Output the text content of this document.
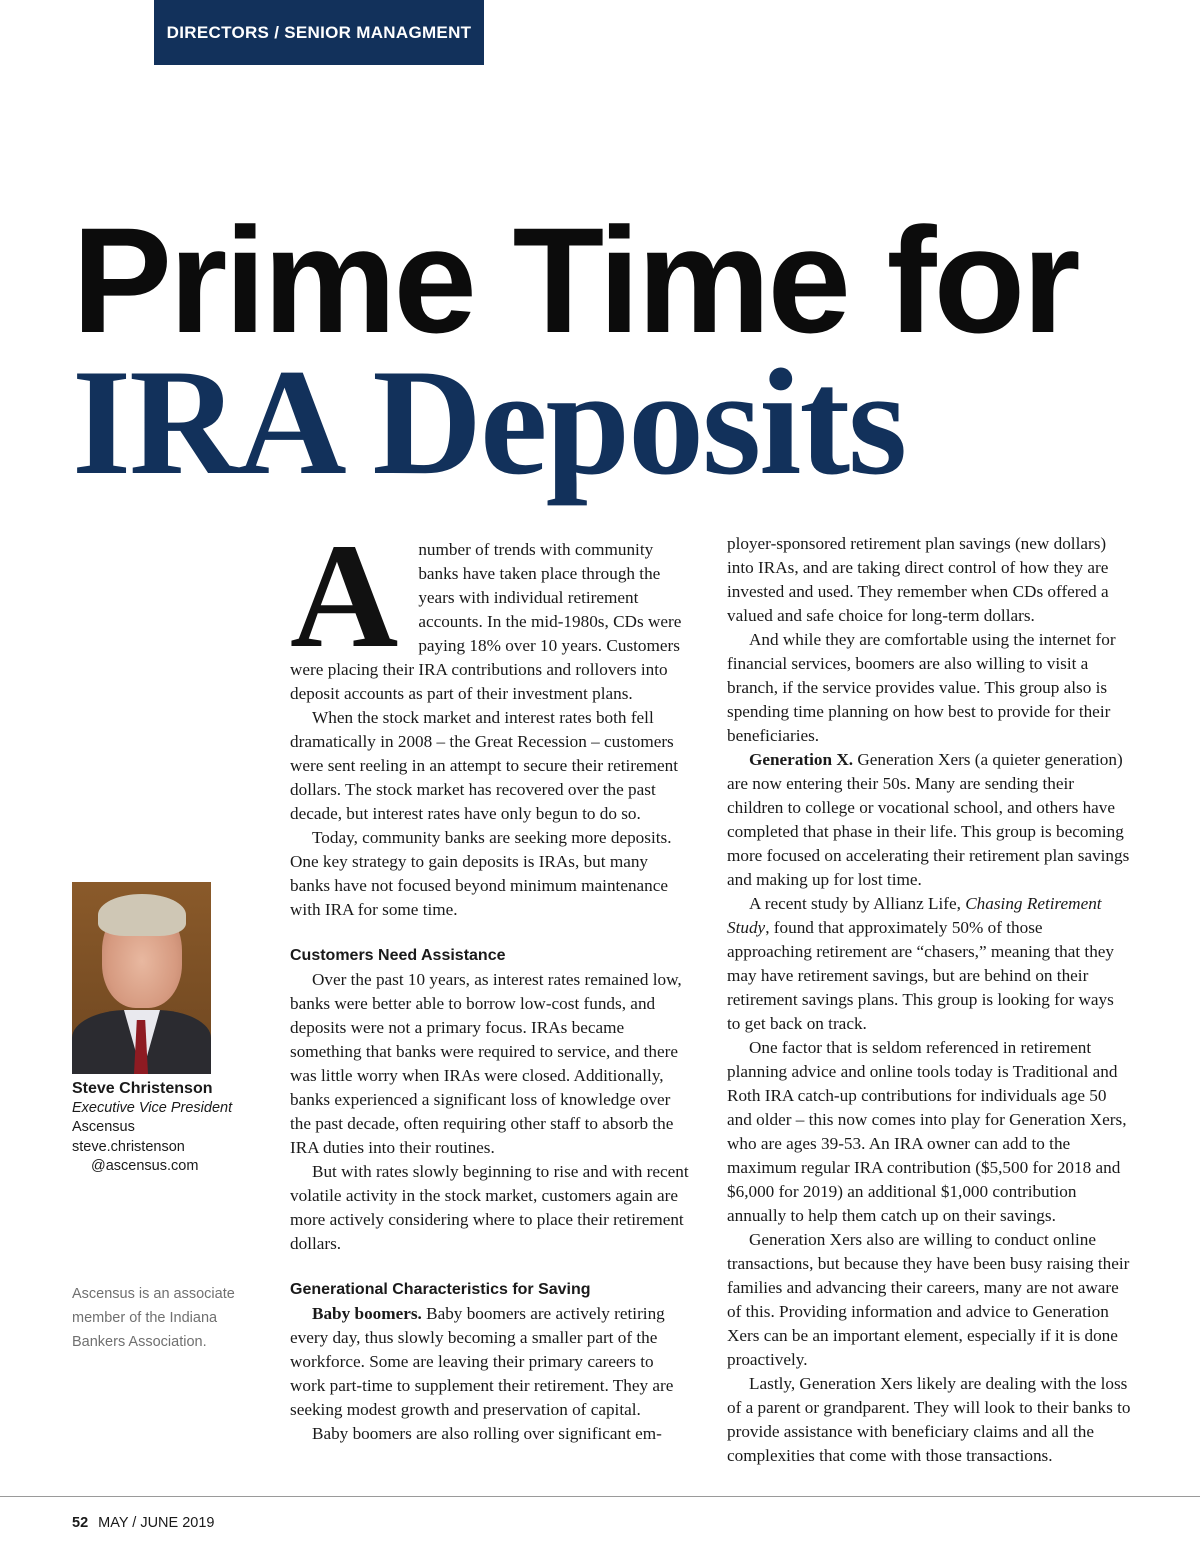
DIRECTORS / SENIOR MANAGMENT
Prime Time for
IRA Deposits
Steve Christenson
Executive Vice President
Ascensus
steve.christenson
@ascensus.com
Ascensus is an associate member of the Indiana Bankers Association.

A number of trends with community banks have taken place through the years with individual retirement accounts. In the mid-1980s, CDs were paying 18% over 10 years. Customers were placing their IRA contributions and rollovers into deposit accounts as part of their investment plans.

When the stock market and interest rates both fell dramatically in 2008 – the Great Recession – customers were sent reeling in an attempt to secure their retirement dollars. The stock market has recovered over the past decade, but interest rates have only begun to do so.

Today, community banks are seeking more deposits. One key strategy to gain deposits is IRAs, but many banks have not focused beyond minimum maintenance with IRA for some time.

Customers Need Assistance

Over the past 10 years, as interest rates remained low, banks were better able to borrow low-cost funds, and deposits were not a primary focus. IRAs became something that banks were required to service, and there was little worry when IRAs were closed. Additionally, banks experienced a significant loss of knowledge over the past decade, often requiring other staff to absorb the IRA duties into their routines.

But with rates slowly beginning to rise and with recent volatile activity in the stock market, customers again are more actively considering where to place their retirement dollars.

Generational Characteristics for Saving

Baby boomers. Baby boomers are actively retiring every day, thus slowly becoming a smaller part of the workforce. Some are leaving their primary careers to work part-time to supplement their retirement. They are seeking modest growth and preservation of capital.

Baby boomers are also rolling over significant em-

ployer-sponsored retirement plan savings (new dollars) into IRAs, and are taking direct control of how they are invested and used. They remember when CDs offered a valued and safe choice for long-term dollars.

And while they are comfortable using the internet for financial services, boomers are also willing to visit a branch, if the service provides value. This group also is spending time planning on how best to provide for their beneficiaries.

Generation X. Generation Xers (a quieter generation) are now entering their 50s. Many are sending their children to college or vocational school, and others have completed that phase in their life. This group is becoming more focused on accelerating their retirement plan savings and making up for lost time.

A recent study by Allianz Life, Chasing Retirement Study, found that approximately 50% of those approaching retirement are “chasers,” meaning that they may have retirement savings, but are behind on their retirement savings plans. This group is looking for ways to get back on track.

One factor that is seldom referenced in retirement planning advice and online tools today is Traditional and Roth IRA catch-up contributions for individuals age 50 and older – this now comes into play for Generation Xers, who are ages 39-53. An IRA owner can add to the maximum regular IRA contribution ($5,500 for 2018 and $6,000 for 2019) an additional $1,000 contribution annually to help them catch up on their savings.

Generation Xers also are willing to conduct online transactions, but because they have been busy raising their families and advancing their careers, many are not aware of this. Providing information and advice to Generation Xers can be an important element, especially if it is done proactively.

Lastly, Generation Xers likely are dealing with the loss of a parent or grandparent. They will look to their banks to provide assistance with beneficiary claims and all the complexities that come with those transactions.

52 MAY / JUNE 2019
